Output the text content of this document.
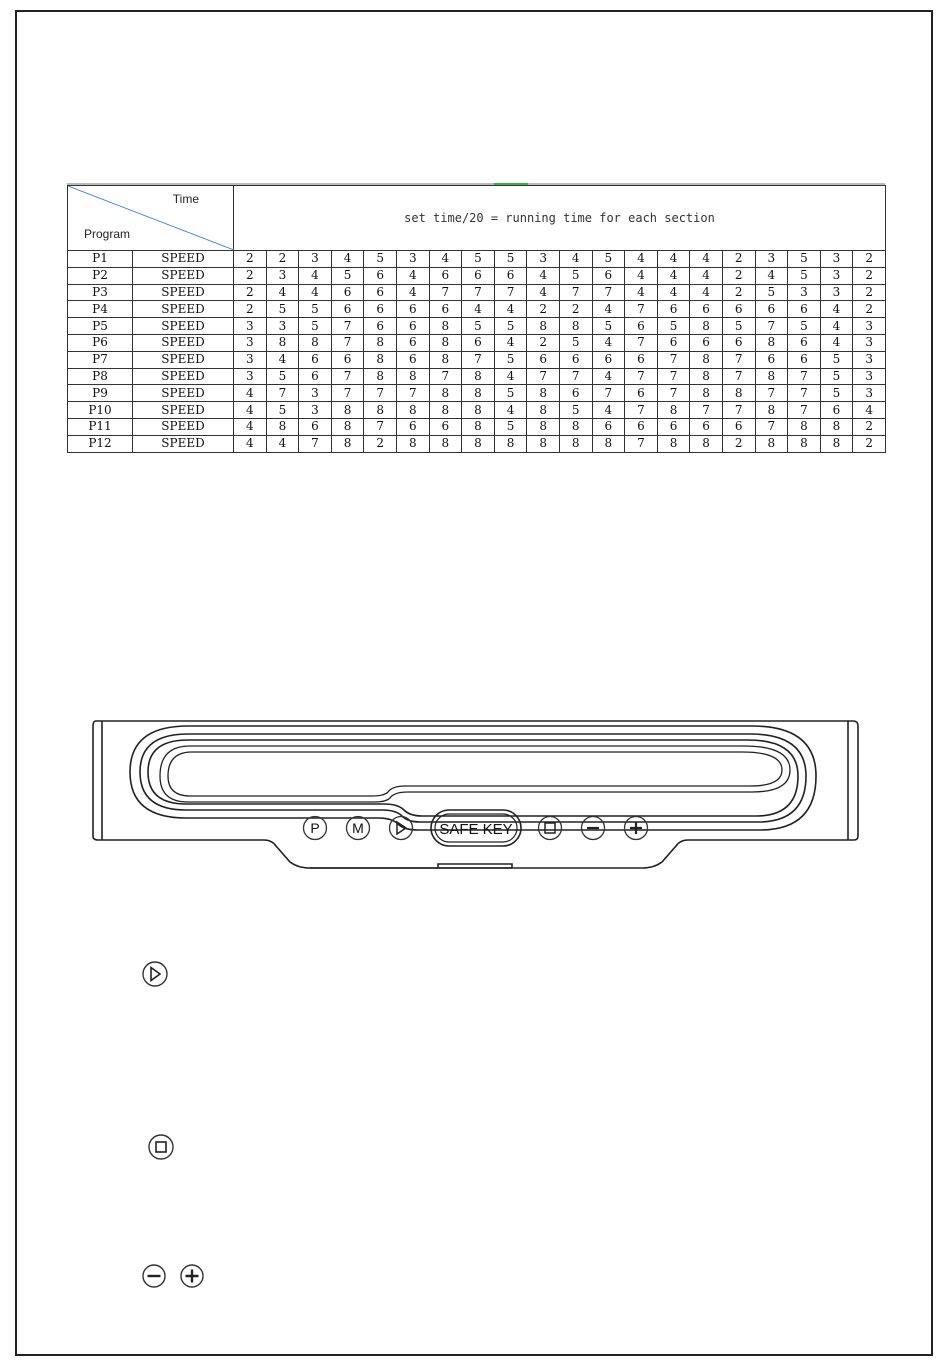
Time
Program		set time/20 = running time for each section																			
P1	SPEED	2	2	3	4	5	3	4	5	5	3	4	5	4	4	4	2	3	5	3	2
P2	SPEED	2	3	4	5	6	4	6	6	6	4	5	6	4	4	4	2	4	5	3	2
P3	SPEED	2	4	4	6	6	4	7	7	7	4	7	7	4	4	4	2	5	3	3	2
P4	SPEED	2	5	5	6	6	6	6	4	4	2	2	4	7	6	6	6	6	6	4	2
P5	SPEED	3	3	5	7	6	6	8	5	5	8	8	5	6	5	8	5	7	5	4	3
P6	SPEED	3	8	8	7	8	6	8	6	4	2	5	4	7	6	6	6	8	6	4	3
P7	SPEED	3	4	6	6	8	6	8	7	5	6	6	6	6	7	8	7	6	6	5	3
P8	SPEED	3	5	6	7	8	8	7	8	4	7	7	4	7	7	8	7	8	7	5	3
P9	SPEED	4	7	3	7	7	7	8	8	5	8	6	7	6	7	8	8	7	7	5	3
P10	SPEED	4	5	3	8	8	8	8	8	4	8	5	4	7	8	7	7	8	7	6	4
P11	SPEED	4	8	6	8	7	6	6	8	5	8	8	6	6	6	6	6	7	8	8	2
P12	SPEED	4	4	7	8	2	8	8	8	8	8	8	8	7	8	8	2	8	8	8	2
P M	SAFE KEY
